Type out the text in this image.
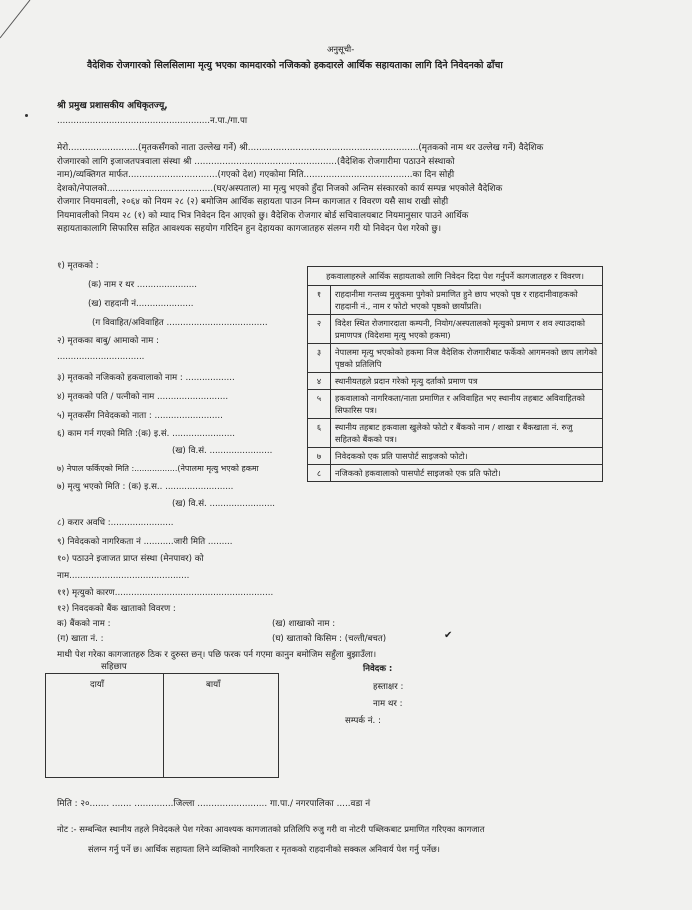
अनुसूची-
वैदेशिक रोजगारको सिलसिलामा मृत्यु भएका कामदारको नजिकको हकदारले आर्थिक सहायताका लागि दिने निवेदनको ढाँचा
श्री प्रमुख प्रशासकीय अधिकृतज्यू,
........................................................न.पा./गा.पा
मेरो.........................(मृतकसँगको नाता उल्लेख गर्ने) श्री.............................................................(मृतकको नाम थर उल्लेख गर्ने) वैदेशिक
रोजगारको लागि इजाजतपत्रवाला संस्था श्री ...................................................(वैदेशिक रोजगारीमा पठाउने संस्थाको
नाम)/व्यक्तिगत मार्फत................................(गएको देश) गएकोमा मिति.......................................का दिन सोही
देशको/नेपालको......................................(घर/अस्पताल) मा मृत्यु भएको हुँदा निजको अन्तिम संस्कारको कार्य सम्पन्न भएकोले वैदेशिक
रोजगार नियमावली, २०६४ को नियम २८ (२) बमोजिम आर्थिक सहायता पाउन निम्न कागजात र विवरण यसै साथ राखी सोही
नियमावलीको नियम २८ (१) को म्याद भित्र निवेदन दिन आएको छु। वैदेशिक रोजगार बोर्ड सचिवालयबाट नियमानुसार पाउने आर्थिक
सहायताकालागि सिफारिस सहित आवश्यक सहयोग गरिदिन हुन देहायका कागजातहरु संलग्न गरी यो निवेदन पेश गरेको छु।
१) मृतकको :
(क) नाम र थर ......................
(ख) राहदानी नं.....................
(ग विवाहित/अविवाहित .....................................
२) मृतकका बाबु/ आमाको नाम :
................................
३) मृतकको नजिकको हकवालाको नाम : ..................
४) मृतकको पति / पत्नीको नाम ..........................
५) मृतकसँग निवेदकको नाता : .........................
६) काम गर्न गएको मिति :(क) इ.सं. .......................
(ख) वि.सं. .......................
७) नेपाल फर्किएको मिति :.................(नेपालमा मृत्यु भएको हकमा
७) मृत्यु भएको मिति : (क) इ.स.. .........................
(ख) वि.सं. ........................
८) करार अवधि :.......................
९) निवेदकको नागरिकता नं ...........जारी मिति .........
१०) पठाउने इजाजत प्राप्त संस्था (मेनपावर) को
नाम............................................
११) मृत्युको कारण..........................................................
१२) निवदकको बैंक खाताको विवरण :
क) बैंकको नाम :	(ख) शाखाको नाम :
(ग) खाता नं. :	(घ) खाताको किसिम : (चल्ती/बचत)	✔
माथी पेश गरेका कागजातहरु ठिक र दुरुस्त छन्। पछि फरक पर्न गएमा कानुन बमोजिम सहुँला बुझाउँला।
हकवालाहरुले आर्थिक सहायताको लागि निवेदन दिदा पेश गर्नुपर्ने कागजातहरु र विवरण।	
१	राहदानीमा गन्तव्य मुलुकमा पुगेको प्रमाणित हुने छाप भएको पृष्ठ र राहदानीवाहकको राहदानी नं., नाम र फोटो भएको पृष्ठको छायाँप्रति।
२	विदेश स्थित रोजगारदाता कम्पनी, नियोग/अस्पतालको मृत्युको प्रमाण र शव ल्याउदाको प्रमाणपत्र (विदेशमा मृत्यु भएको हकमा)
३	नेपालमा मृत्यु भएकोको हकमा निज वैदेशिक रोजगारीबाट फर्केको आगमनको छाप लागेको पृष्ठको प्रतिलिपि
४	स्थानीयतहले प्रदान गरेको मृत्यु दर्ताको प्रमाण पत्र
५	हकवालाको नागरिकता/नाता प्रमाणित र अविवाहित भए स्थानीय तहबाट अविवाहितको सिफारिस पत्र।
६	स्थानीय तहबाट हकवाला खुलेको फोटो र बैंकको नाम / शाखा र बैंकखाता नं. रुजु सहितको बैंकको पत्र।
७	निवेदकको एक प्रति पासपोर्ट साइजको फोटो।
८	नजिकको हकवालाको पासपोर्ट साइजको एक प्रति फोटो।
सहिछाप
दायाँ	बायाँ
निवेदक :
हस्ताक्षर :
नाम थर :
सम्पर्क नं. :
मिति : २०....... ....... ..............जिल्ला ......................... गा.पा./ नगरपालिका .....वडा नं
नोट :- सम्बन्धित स्थानीय तहले निवेदकले पेश गरेका आवश्यक कागजातको प्रतिलिपि रुजु गरी वा नोटरी पब्लिकबाट प्रमाणित गरिएका कागजात
संलग्न गर्नु पर्ने छ। आर्थिक सहायता लिने व्यक्तिको नागरिकता र मृतकको राहदानीको सक्कल अनिवार्य पेश गर्नु पर्नेछ।
